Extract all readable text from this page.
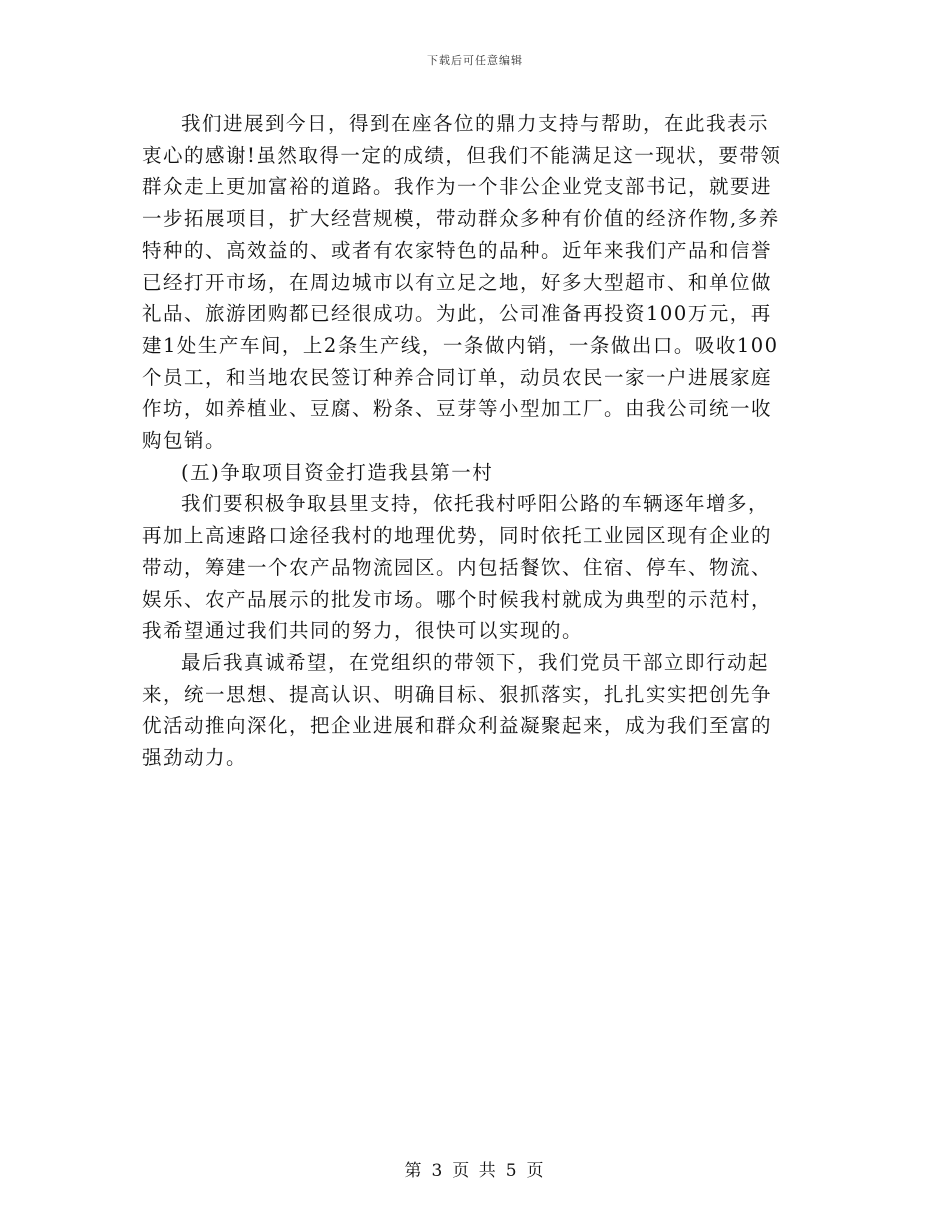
下载后可任意编辑

我们进展到今日，得到在座各位的鼎力支持与帮助，在此我表示
衷心的感谢!虽然取得一定的成绩，但我们不能满足这一现状，要带领
群众走上更加富裕的道路。我作为一个非公企业党支部书记，就要进
一步拓展项目，扩大经营规模，带动群众多种有价值的经济作物,多养
特种的、高效益的、或者有农家特色的品种。近年来我们产品和信誉
已经打开市场，在周边城市以有立足之地，好多大型超市、和单位做
礼品、旅游团购都已经很成功。为此，公司准备再投资100万元，再
建1处生产车间，上2条生产线，一条做内销，一条做出口。吸收100
个员工，和当地农民签订种养合同订单，动员农民一家一户进展家庭
作坊，如养植业、豆腐、粉条、豆芽等小型加工厂。由我公司统一收
购包销。

(五)争取项目资金打造我县第一村

我们要积极争取县里支持，依托我村呼阳公路的车辆逐年增多，
再加上高速路口途径我村的地理优势，同时依托工业园区现有企业的
带动，筹建一个农产品物流园区。内包括餐饮、住宿、停车、物流、
娱乐、农产品展示的批发市场。哪个时候我村就成为典型的示范村，
我希望通过我们共同的努力，很快可以实现的。

最后我真诚希望，在党组织的带领下，我们党员干部立即行动起
来，统一思想、提高认识、明确目标、狠抓落实，扎扎实实把创先争
优活动推向深化，把企业进展和群众利益凝聚起来，成为我们至富的
强劲动力。

第 3 页 共 5 页
